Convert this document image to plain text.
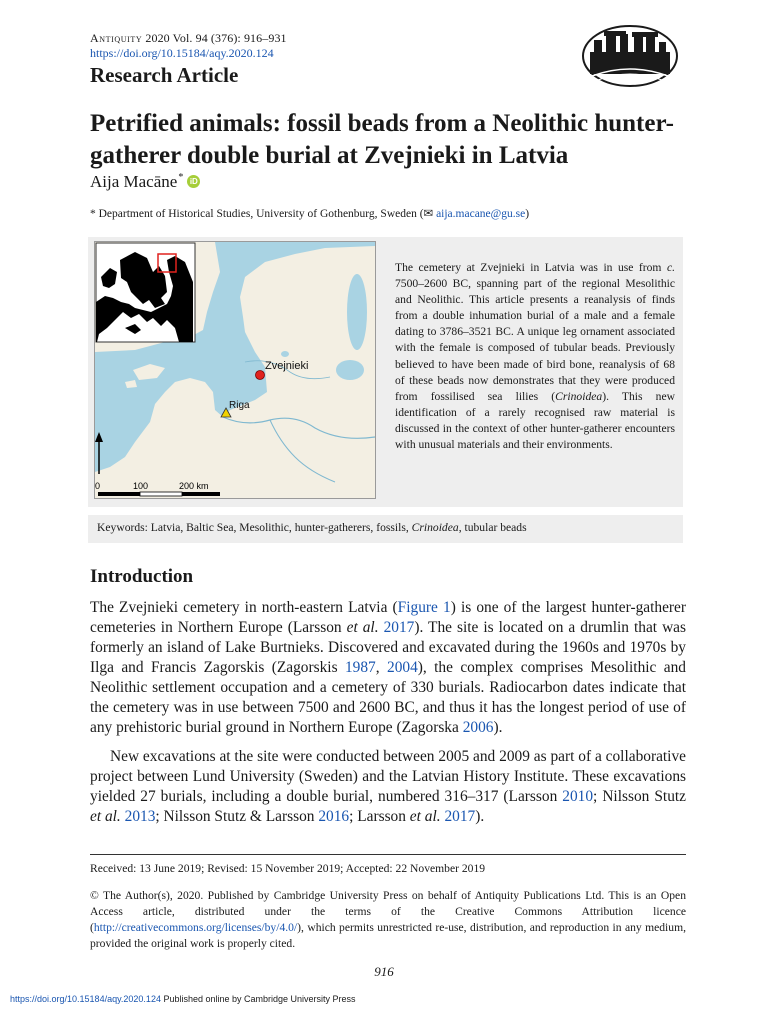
Antiquity 2020 Vol. 94 (376): 916–931
https://doi.org/10.15184/aqy.2020.124
Research Article
Petrified animals: fossil beads from a Neolithic hunter-gatherer double burial at Zvejnieki in Latvia
Aija Macāne* iD
* Department of Historical Studies, University of Gothenburg, Sweden (✉ aija.macane@gu.se)
Zvejnieki
Riga
0	100	200 km
The cemetery at Zvejnieki in Latvia was in use from c. 7500–2600 BC, spanning part of the regional Mesolithic and Neolithic. This article presents a reanalysis of finds from a double inhumation burial of a male and a female dating to 3786–3521 BC. A unique leg ornament associated with the female is composed of tubular beads. Previously believed to have been made of bird bone, reanalysis of 68 of these beads now demonstrates that they were produced from fossilised sea lilies (Crinoidea). This new identification of a rarely recognised raw material is discussed in the context of other hunter-gatherer encounters with unusual materials and their environments.
Keywords: Latvia, Baltic Sea, Mesolithic, hunter-gatherers, fossils, Crinoidea, tubular beads
Introduction
The Zvejnieki cemetery in north-eastern Latvia (Figure 1) is one of the largest hunter-gatherer cemeteries in Northern Europe (Larsson et al. 2017). The site is located on a drumlin that was formerly an island of Lake Burtnieks. Discovered and excavated during the 1960s and 1970s by Ilga and Francis Zagorskis (Zagorskis 1987, 2004), the complex comprises Mesolithic and Neolithic settlement occupation and a cemetery of 330 burials. Radiocarbon dates indicate that the cemetery was in use between 7500 and 2600 BC, and thus it has the longest period of use of any prehistoric burial ground in Northern Europe (Zagorska 2006).
New excavations at the site were conducted between 2005 and 2009 as part of a collaborative project between Lund University (Sweden) and the Latvian History Institute. These excavations yielded 27 burials, including a double burial, numbered 316–317 (Larsson 2010; Nilsson Stutz et al. 2013; Nilsson Stutz & Larsson 2016; Larsson et al. 2017).
Received: 13 June 2019; Revised: 15 November 2019; Accepted: 22 November 2019
© The Author(s), 2020. Published by Cambridge University Press on behalf of Antiquity Publications Ltd. This is an Open Access article, distributed under the terms of the Creative Commons Attribution licence (http://creativecommons.org/licenses/by/4.0/), which permits unrestricted re-use, distribution, and reproduction in any medium, provided the original work is properly cited.
916
https://doi.org/10.15184/aqy.2020.124 Published online by Cambridge University Press
